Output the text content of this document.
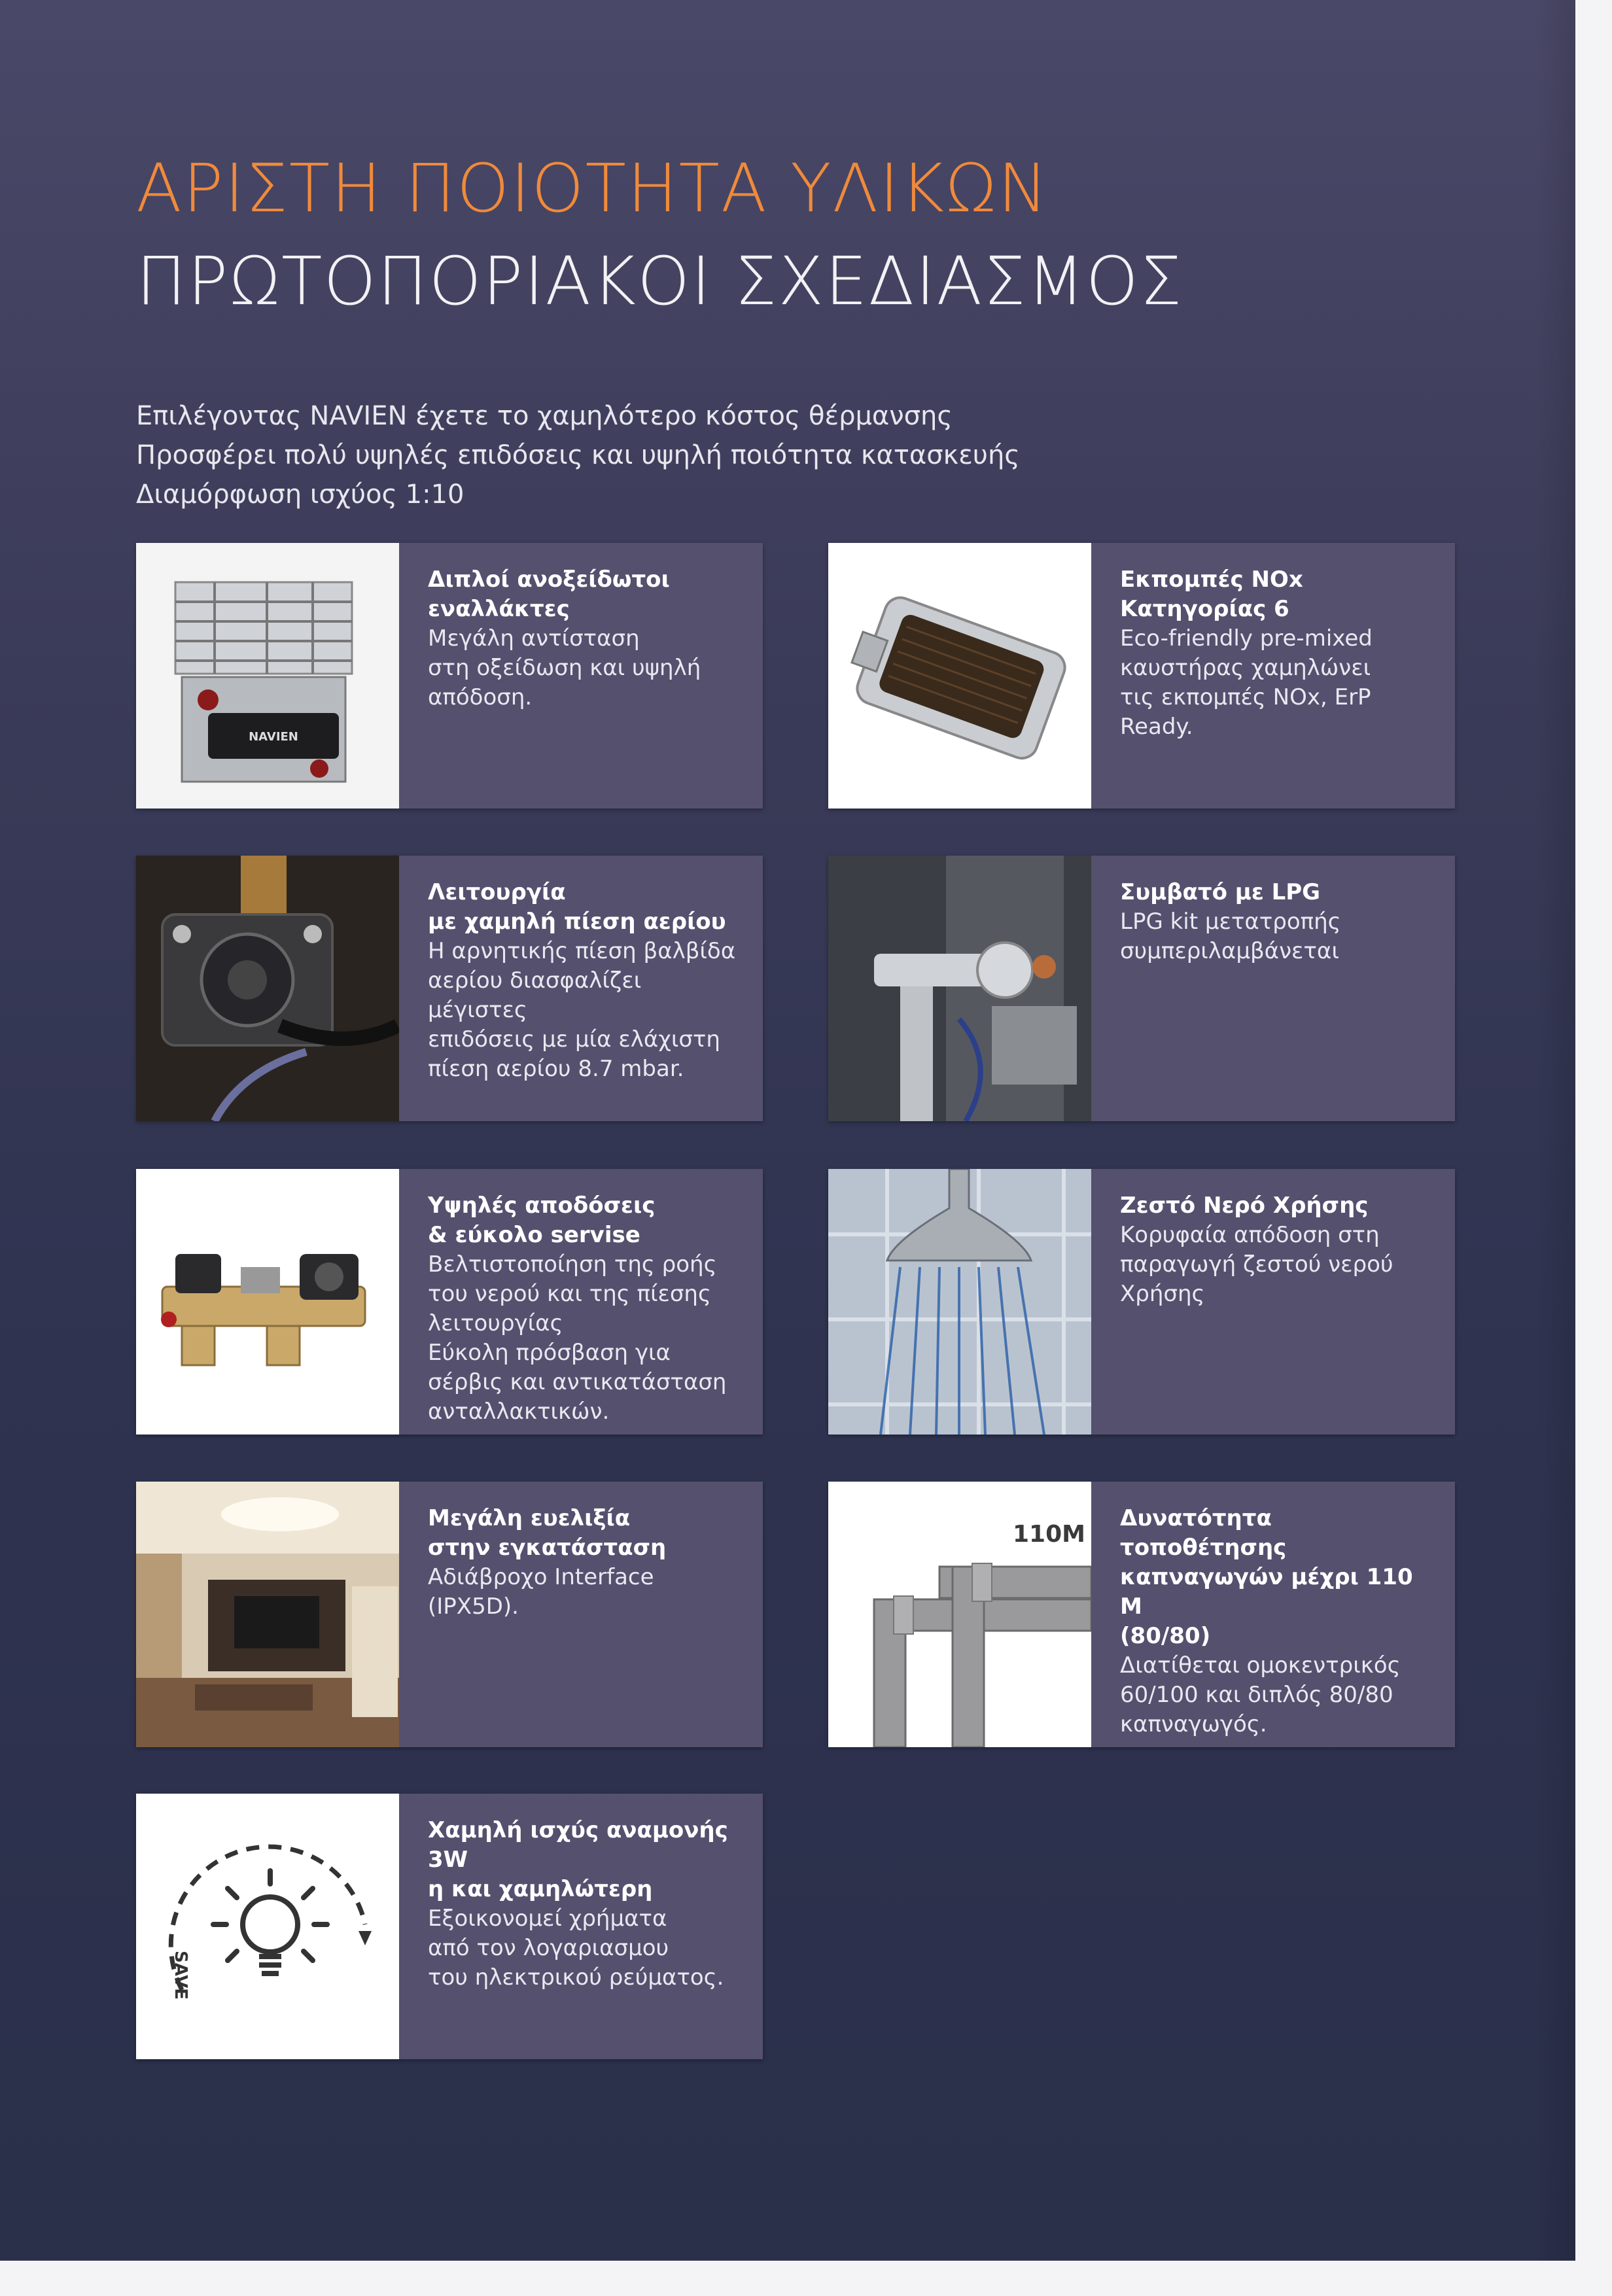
ΑΡΙΣΤΗ ΠΟΙΟΤΗΤΑ ΥΛΙΚΩΝ
ΠΡΩΤΟΠΟΡΙΑΚΟΙ ΣΧΕΔΙΑΣΜΟΣ
Επιλέγοντας NAVIEN έχετε το χαμηλότερο κόστος θέρμανσης
Προσφέρει πολύ υψηλές επιδόσεις και υψηλή ποιότητα κατασκευής
Διαμόρφωση ισχύος 1:10
NAVIEN

Διπλοί ανοξείδωτοι

εναλλάκτες

Μεγάλη αντίσταση

στη οξείδωση και υψηλή

απόδοση.

Εκπομπές NOx

Κατηγορίας 6

Eco-friendly pre-mixed

καυστήρας χαμηλώνει

τις εκπομπές NOx, ErP

Ready.

Λειτουργία

με χαμηλή πίεση αερίου

Η αρνητικής πίεση βαλβίδα

αερίου διασφαλίζει μέγιστες

επιδόσεις με μία ελάχιστη

πίεση αερίου 8.7 mbar.

Συμβατό με LPG

LPG kit μετατροπής

συμπεριλαμβάνεται

Υψηλές αποδόσεις

& εύκολο servise

Βελτιστοποίηση της ροής

του νερού και της πίεσης

λειτουργίας

Εύκολη πρόσβαση για

σέρβις και αντικατάσταση

ανταλλακτικών.

Ζεστό Νερό Χρήσης

Κορυφαία απόδοση στη

παραγωγή ζεστού νερού

Χρήσης

Μεγάλη ευελιξία

στην εγκατάσταση

Αδιάβροχο Interface

(IPX5D).

110M

Δυνατότητα τοποθέτησης

καπναγωγών μέχρι 110 Μ

(80/80)

Διατίθεται ομοκεντρικός

60/100 και διπλός 80/80

καπναγωγός.

SAVE

Χαμηλή ισχύς αναμονής 3W

η και χαμηλώτερη

Εξοικονομεί χρήματα

από τον λογαριασμου

του ηλεκτρικού ρεύματος.
